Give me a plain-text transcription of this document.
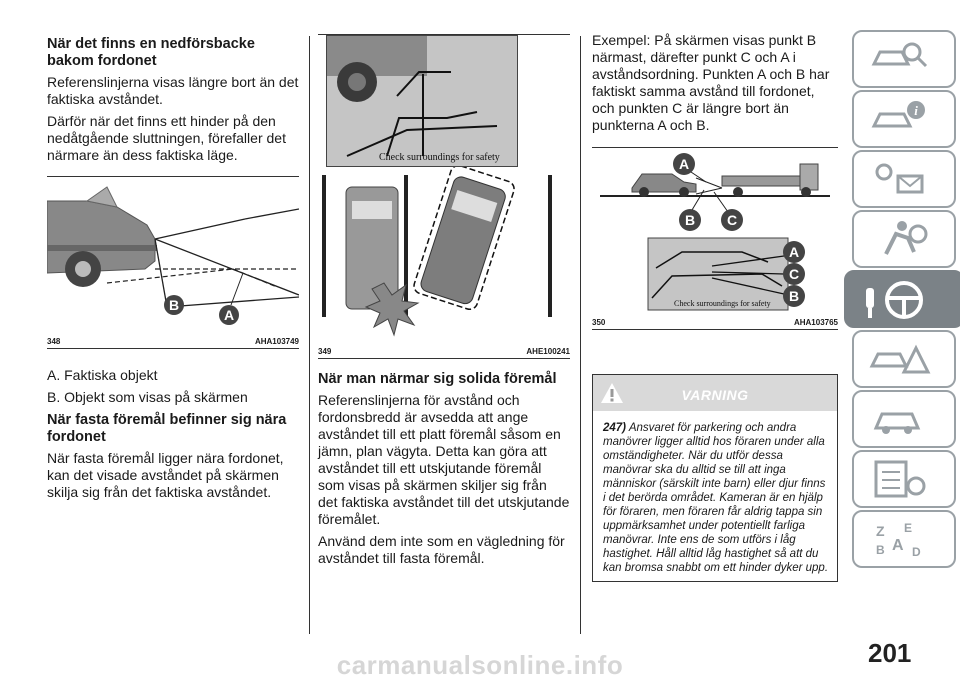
När det finns en nedförsbacke bakom fordonet

Referenslinjerna visas längre bort än det faktiska avståndet.

Därför när det finns ett hinder på den nedåtgående sluttningen, förefaller det närmare än dess faktiska läge.

B
A
348	AHA103749

A. Faktiska objekt

B. Objekt som visas på skärmen

När fasta föremål befinner sig nära fordonet

När fasta föremål ligger nära fordonet, kan det visade avståndet på skärmen skilja sig från det faktiska avståndet.

Check surroundings for safety
349	AHE100241
När man närmar sig solida föremål

Referenslinjerna för avstånd och fordonsbredd är avsedda att ange avståndet till ett platt föremål såsom en jämn, plan vägyta. Detta kan göra att avståndet till ett utskjutande föremål som visas på skärmen skiljer sig från det faktiska avståndet till det utskjutande föremålet.

Använd dem inte som en vägledning för avståndet till fasta föremål.

Exempel: På skärmen visas punkt B närmast, därefter punkt C och A i avståndsordning. Punkten A och B har faktiskt samma avstånd till fordonet, och punkten C är längre bort än punkterna A och B.

A
B C
Check surroundings for safety
A
C
B
350	AHA103765
VARNING
247) Ansvaret för parkering och andra manövrer ligger alltid hos föraren under alla omständigheter. När du utför dessa manövrar ska du alltid se till att inga människor (särskilt inte barn) eller djur finns i det berörda området. Kameran är en hjälp för föraren, men föraren får aldrig tappa sin uppmärksamhet under potentiellt farliga manövrar. Inte ens de som utförs i låg hastighet. Håll alltid låg hastighet så att du kan bromsa snabbt om ett hinder dyker upp.
i
Z E
B A D
201
carmanualsonline.info
